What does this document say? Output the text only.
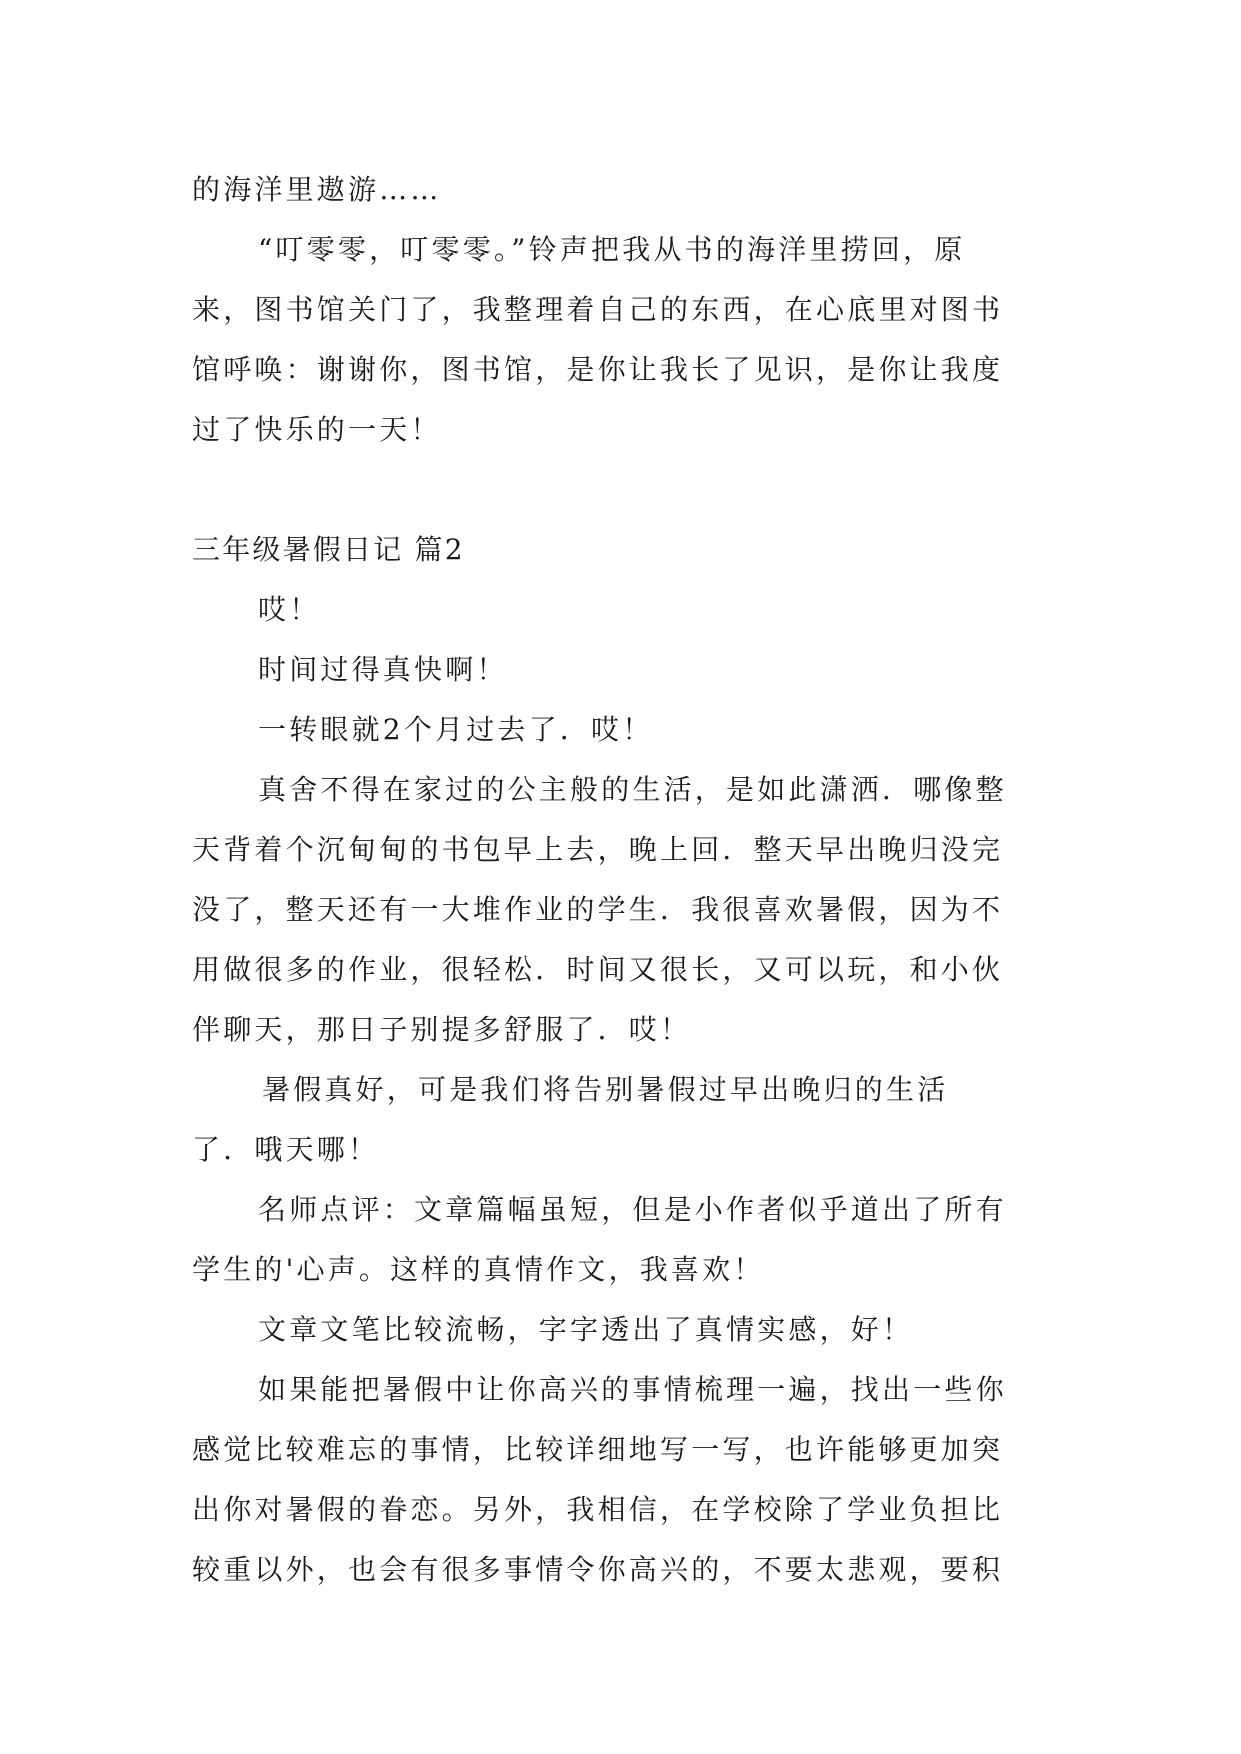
的海洋里遨游……
“叮零零，叮零零。”铃声把我从书的海洋里捞回，原
来，图书馆关门了，我整理着自己的东西，在心底里对图书
馆呼唤：谢谢你，图书馆，是你让我长了见识，是你让我度
过了快乐的一天！
三年级暑假日记 篇2
哎！
时间过得真快啊！
一转眼就2个月过去了．哎！
真舍不得在家过的公主般的生活，是如此潇洒．哪像整
天背着个沉甸甸的书包早上去，晚上回．整天早出晚归没完
没了，整天还有一大堆作业的学生．我很喜欢暑假，因为不
用做很多的作业，很轻松．时间又很长，又可以玩，和小伙
伴聊天，那日子别提多舒服了．哎！
暑假真好，可是我们将告别暑假过早出晚归的生活
了．哦天哪！
名师点评：文章篇幅虽短，但是小作者似乎道出了所有
学生的'心声。这样的真情作文，我喜欢！
文章文笔比较流畅，字字透出了真情实感，好！
如果能把暑假中让你高兴的事情梳理一遍，找出一些你
感觉比较难忘的事情，比较详细地写一写，也许能够更加突
出你对暑假的眷恋。另外，我相信，在学校除了学业负担比
较重以外，也会有很多事情令你高兴的，不要太悲观，要积
